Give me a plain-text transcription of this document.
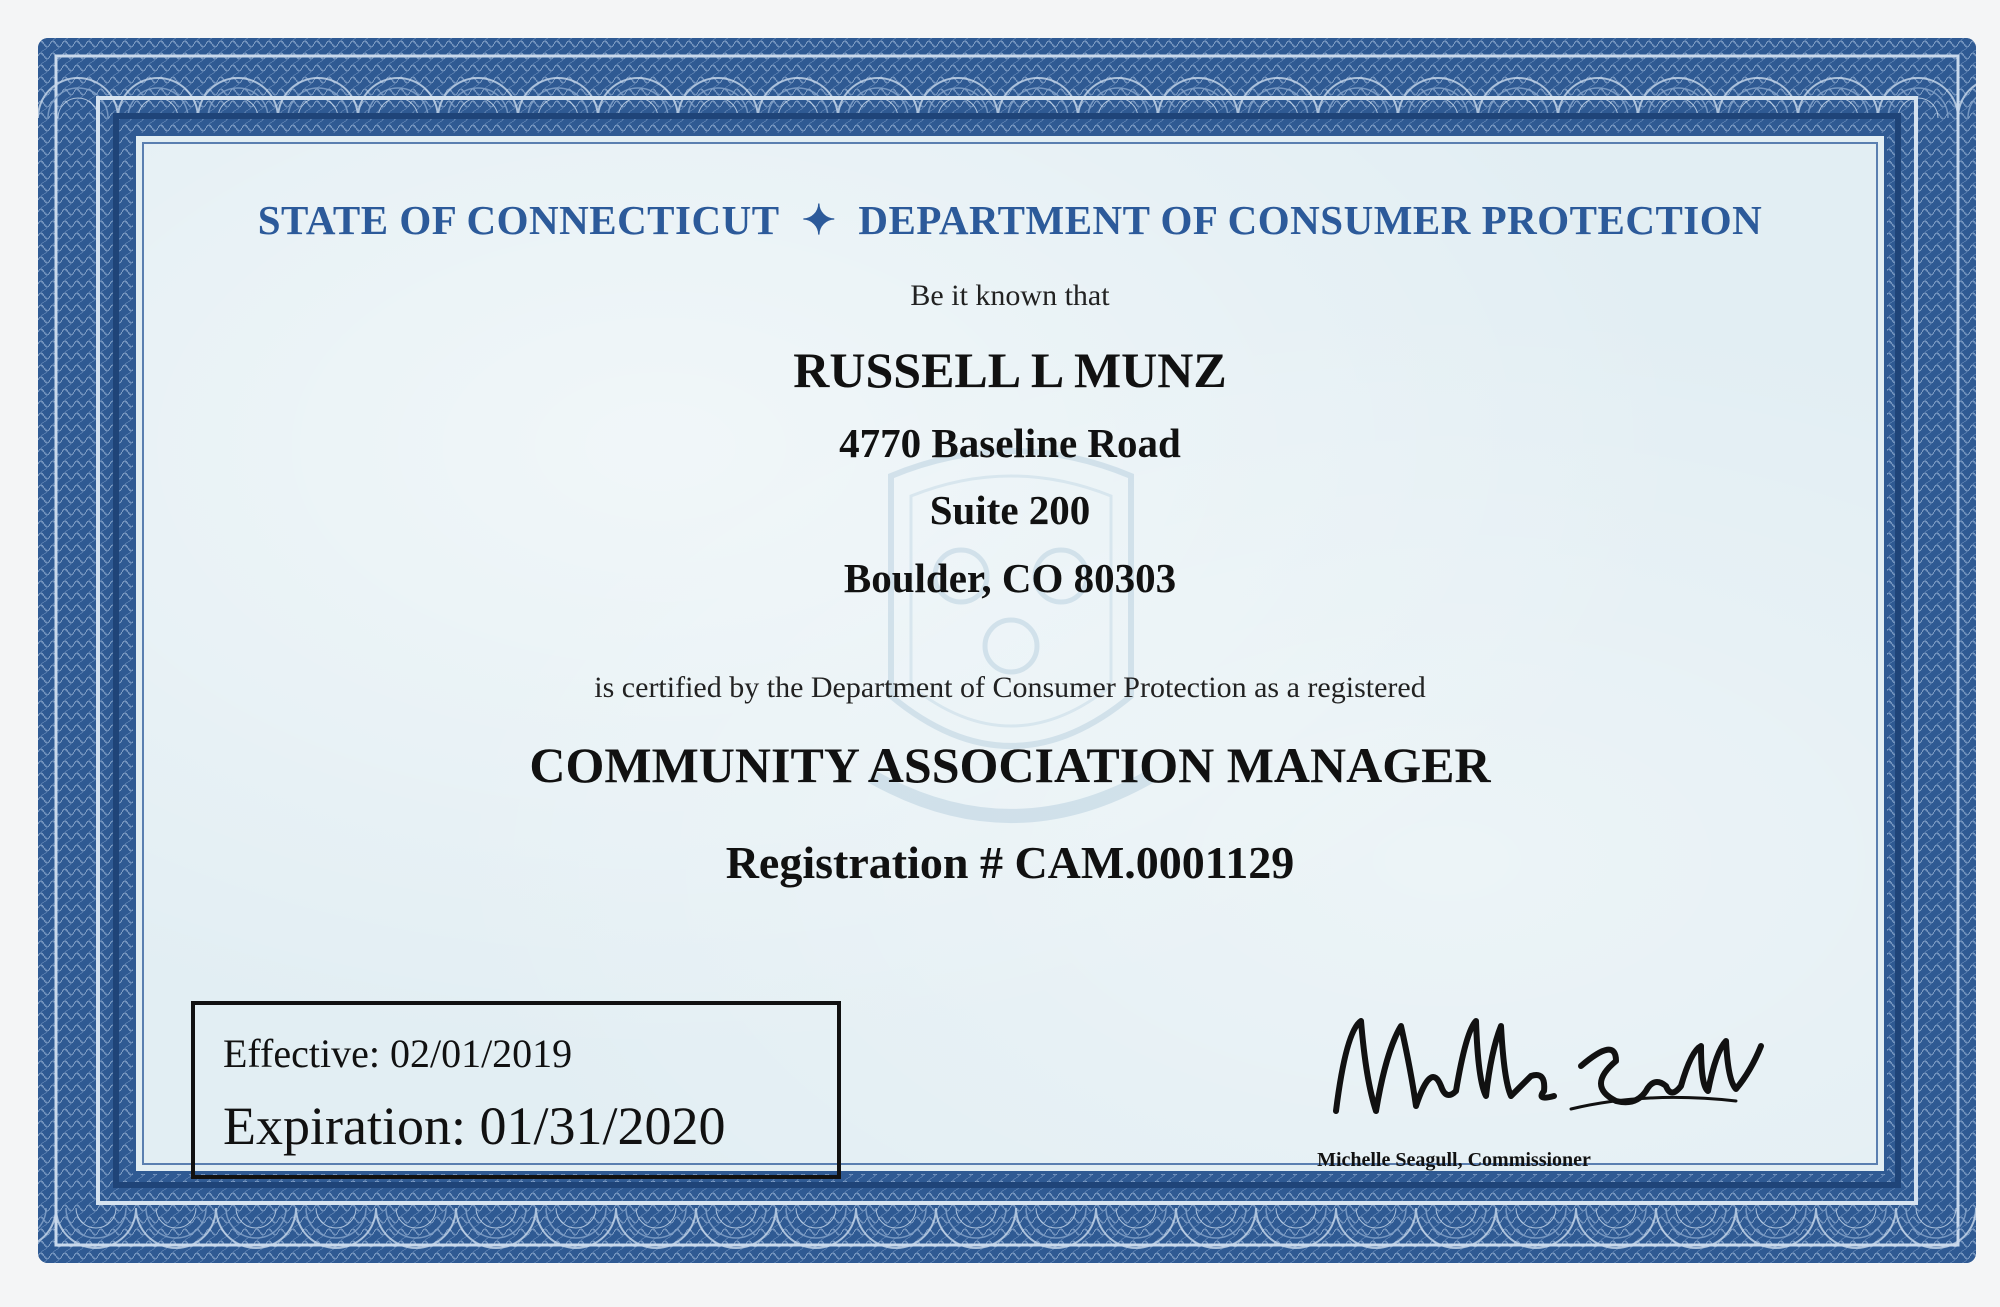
STATE OF CONNECTICUT ✦ DEPARTMENT OF CONSUMER PROTECTION
Be it known that
RUSSELL L MUNZ
4770 Baseline Road
Suite 200
Boulder, CO 80303
is certified by the Department of Consumer Protection as a registered
COMMUNITY ASSOCIATION MANAGER
Registration # CAM.0001129
Effective: 02/01/2019
Expiration: 01/31/2020
Michelle Seagull, Commissioner
